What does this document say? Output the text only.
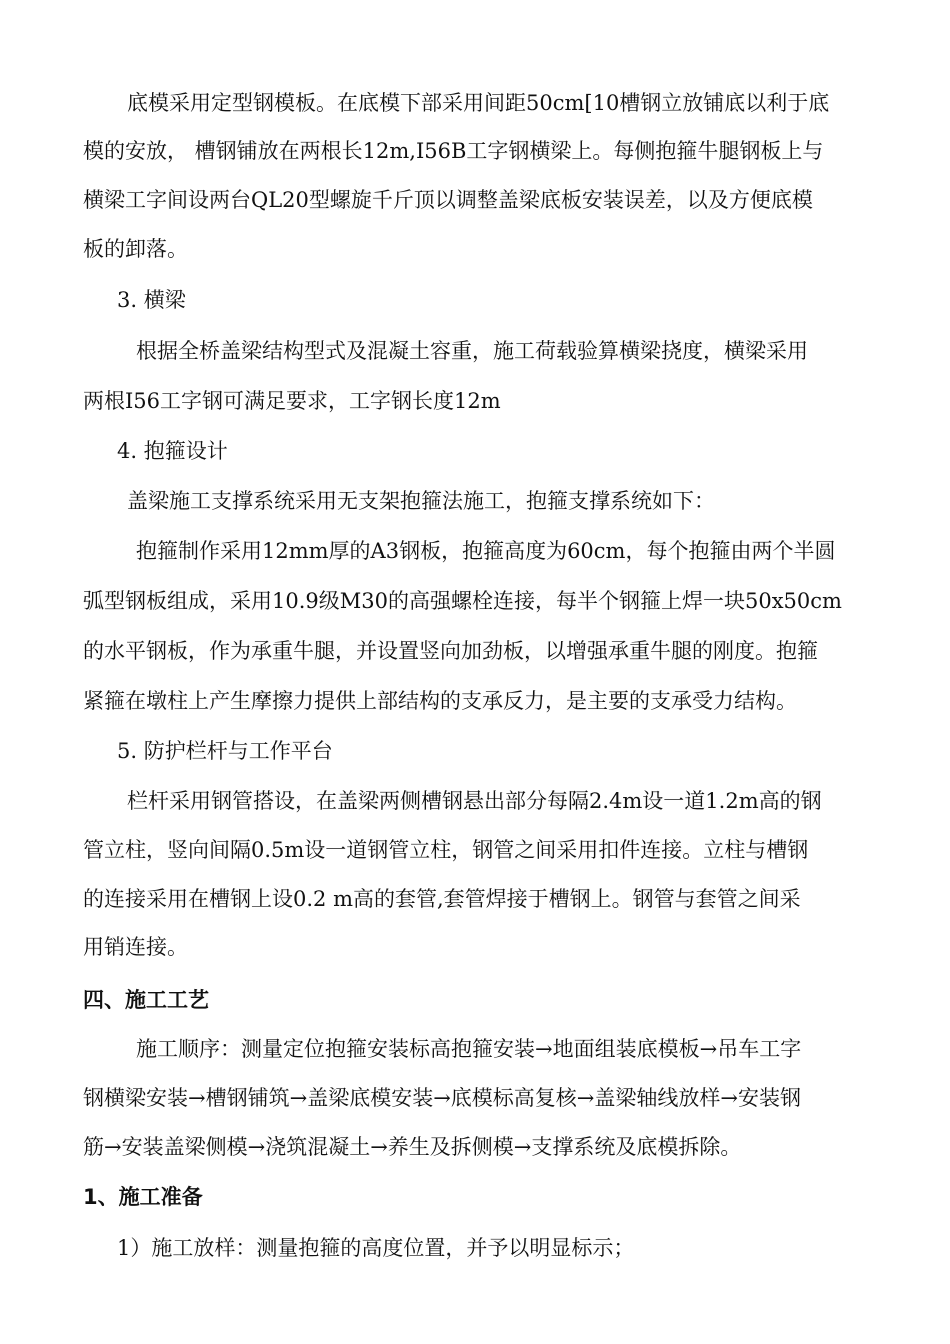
底模采用定型钢模板。在底模下部采用间距50cm[10槽钢立放铺底以利于底
模的安放， 槽钢铺放在两根长12m,I56B工字钢横梁上。每侧抱箍牛腿钢板上与
横梁工字间设两台QL20型螺旋千斤顶以调整盖梁底板安装误差，以及方便底模
板的卸落。
3. 横梁
根据全桥盖梁结构型式及混凝土容重，施工荷载验算横梁挠度，横梁采用
两根I56工字钢可满足要求，工字钢长度12m
4. 抱箍设计
盖梁施工支撑系统采用无支架抱箍法施工，抱箍支撑系统如下：
抱箍制作采用12mm厚的A3钢板，抱箍高度为60cm，每个抱箍由两个半圆
弧型钢板组成，采用10.9级M30的高强螺栓连接，每半个钢箍上焊一块50x50cm
的水平钢板，作为承重牛腿，并设置竖向加劲板，以增强承重牛腿的刚度。抱箍
紧箍在墩柱上产生摩擦力提供上部结构的支承反力，是主要的支承受力结构。
5. 防护栏杆与工作平台
栏杆采用钢管搭设，在盖梁两侧槽钢悬出部分每隔2.4m设一道1.2m高的钢
管立柱，竖向间隔0.5m设一道钢管立柱，钢管之间采用扣件连接。立柱与槽钢
的连接采用在槽钢上设0.2 m高的套管,套管焊接于槽钢上。钢管与套管之间采
用销连接。
四、施工工艺
施工顺序：测量定位抱箍安装标高抱箍安装→地面组装底模板→吊车工字
钢横梁安装→槽钢铺筑→盖梁底模安装→底模标高复核→盖梁轴线放样→安装钢
筋→安装盖梁侧模→浇筑混凝土→养生及拆侧模→支撑系统及底模拆除。
1、施工准备
1）施工放样：测量抱箍的高度位置，并予以明显标示；
